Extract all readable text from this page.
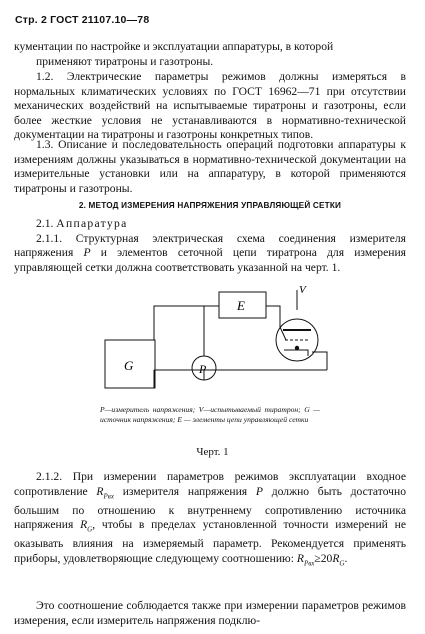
Стр. 2 ГОСТ 21107.10—78

кументации по настройке и эксплуатации аппаратуры, в которой

применяют тиратроны и газотроны.

1.2. Электрические параметры режимов должны измеряться в нормальных климатических условиях по ГОСТ 16962—71 при отсутствии механических воздействий на испытываемые тиратроны и газотроны, если более жесткие условия не устанавливаются в нормативно-технической документации на тиратроны и газотроны конкретных типов.

1.3. Описание и последовательность операций подготовки аппаратуры к измерениям должны указываться в нормативно-технической документации на измерительные установки или на аппаратуру, в которой применяются тиратроны и газотроны.

2. МЕТОД ИЗМЕРЕНИЯ НАПРЯЖЕНИЯ УПРАВЛЯЮЩЕЙ СЕТКИ

2.1. Аппаратура

2.1.1. Структурная электрическая схема соединения измерителя напряжения P и элементов сеточной цепи тиратрона для измерения управляющей сетки должна соответствовать указанной на черт. 1.

G	P
E
V
P—измеритель напряжения; V—испытываемый тиратрон; G — источник напряжения; E — элементы цепи управляющей сетки
Черт. 1

2.1.2. При измерении параметров режимов эксплуатации входное сопротивление $R_{Pвх}$ измерителя напряжения P должно быть достаточно большим по отношению к внутреннему сопротивлению источника напряжения $R_G$, чтобы в пределах установленной точности измерений не оказывать влияния на измеряемый параметр. Рекомендуется применять приборы, удовлетворяющие следующему соотношению: $R_{Pвх}\ge 20R_G$.

Это соотношение соблюдается также при измерении параметров режимов измерения, если измеритель напряжения подклю-
